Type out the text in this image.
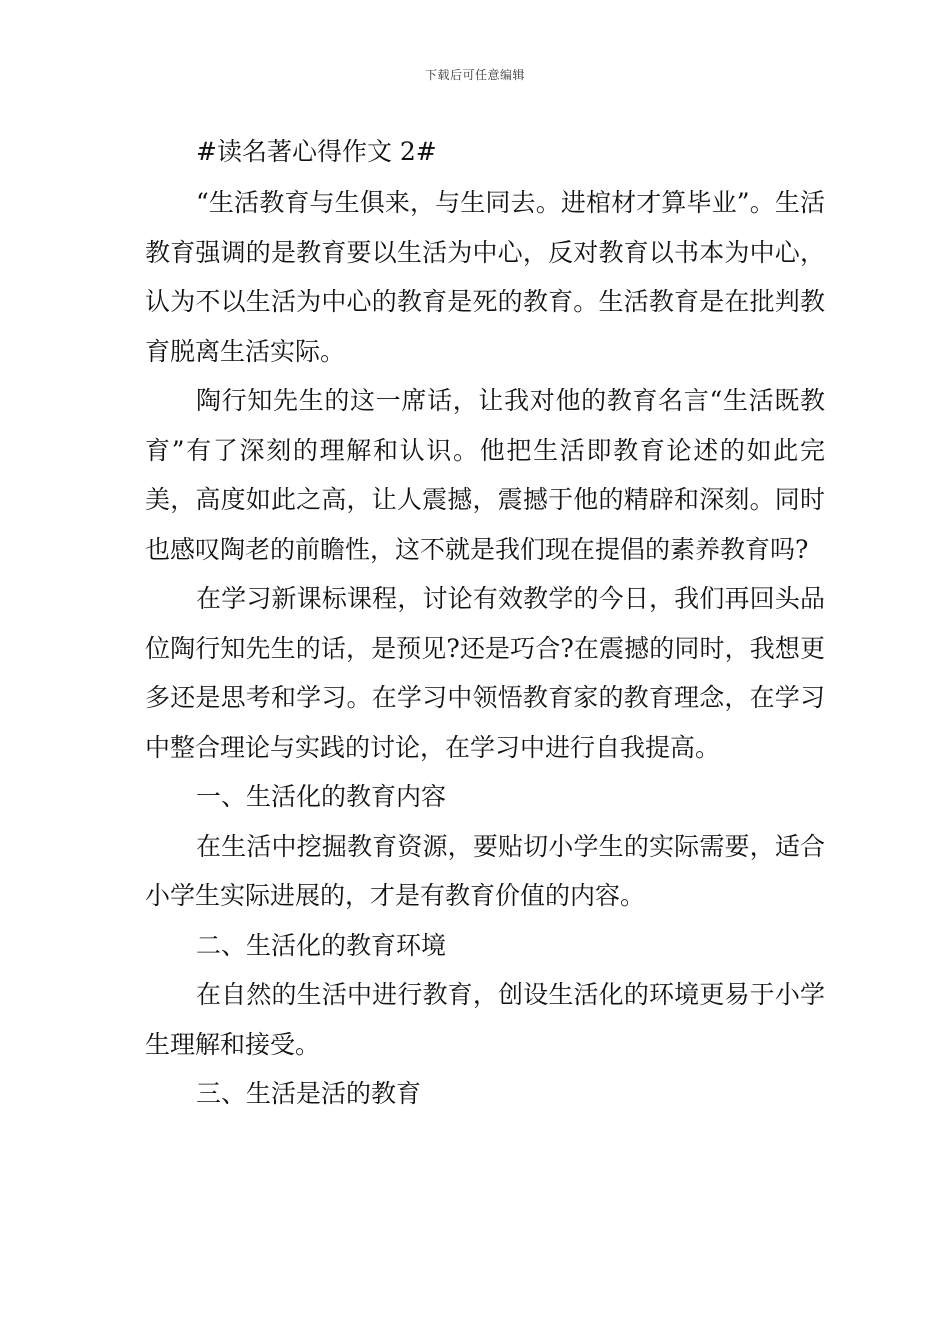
下载后可任意编辑

#读名著心得作文 2#

“生活教育与生俱来，与生同去。进棺材才算毕业”。生活教育强调的是教育要以生活为中心，反对教育以书本为中心，认为不以生活为中心的教育是死的教育。生活教育是在批判教育脱离生活实际。

陶行知先生的这一席话，让我对他的教育名言“生活既教育”有了深刻的理解和认识。他把生活即教育论述的如此完美，高度如此之高，让人震撼，震撼于他的精辟和深刻。同时也感叹陶老的前瞻性，这不就是我们现在提倡的素养教育吗?

在学习新课标课程，讨论有效教学的今日，我们再回头品位陶行知先生的话，是预见?还是巧合?在震撼的同时，我想更多还是思考和学习。在学习中领悟教育家的教育理念，在学习中整合理论与实践的讨论，在学习中进行自我提高。

一、生活化的教育内容

在生活中挖掘教育资源，要贴切小学生的实际需要，适合小学生实际进展的，才是有教育价值的内容。

二、生活化的教育环境

在自然的生活中进行教育，创设生活化的环境更易于小学生理解和接受。

三、生活是活的教育
